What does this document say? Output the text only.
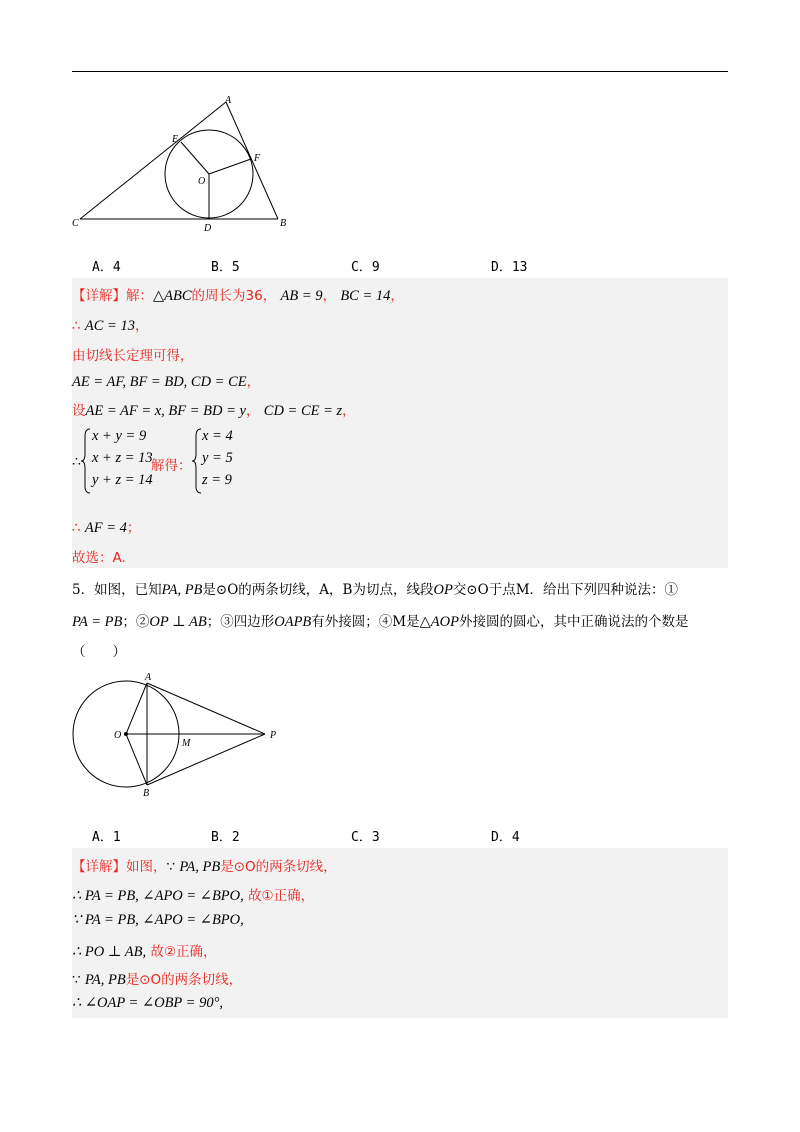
A
E
F
O
C	D	B
A．4	B．5	C．9	D．13
【详解】解：△ABC的周长为36， AB = 9， BC = 14，
∴ AC = 13，
由切线长定理可得，
AE = AF, BF = BD, CD = CE，
设AE = AF = x, BF = BD = y， CD = CE = z，
∴
x + y = 9
x + z = 13
y + z = 14
解得：
x = 4
y = 5
z = 9
∴ AF = 4；
故选：A.
5．如图，已知PA, PB是⊙O的两条切线，A，B为切点，线段OP交⊙O于点M．给出下列四种说法：①
PA = PB；②OP ⊥ AB；③四边形OAPB有外接圆；④M是△AOP外接圆的圆心，其中正确说法的个数是
（　　）
A
O
M
P
B
A．1	B．2	C．3	D．4
【详解】如图，∵ PA, PB是⊙O的两条切线，
∴ PA = PB, ∠APO = ∠BPO, 故①正确，
∵ PA = PB, ∠APO = ∠BPO,
∴ PO ⊥ AB, 故②正确，
∵ PA, PB是⊙O的两条切线，
∴ ∠OAP = ∠OBP = 90°,
